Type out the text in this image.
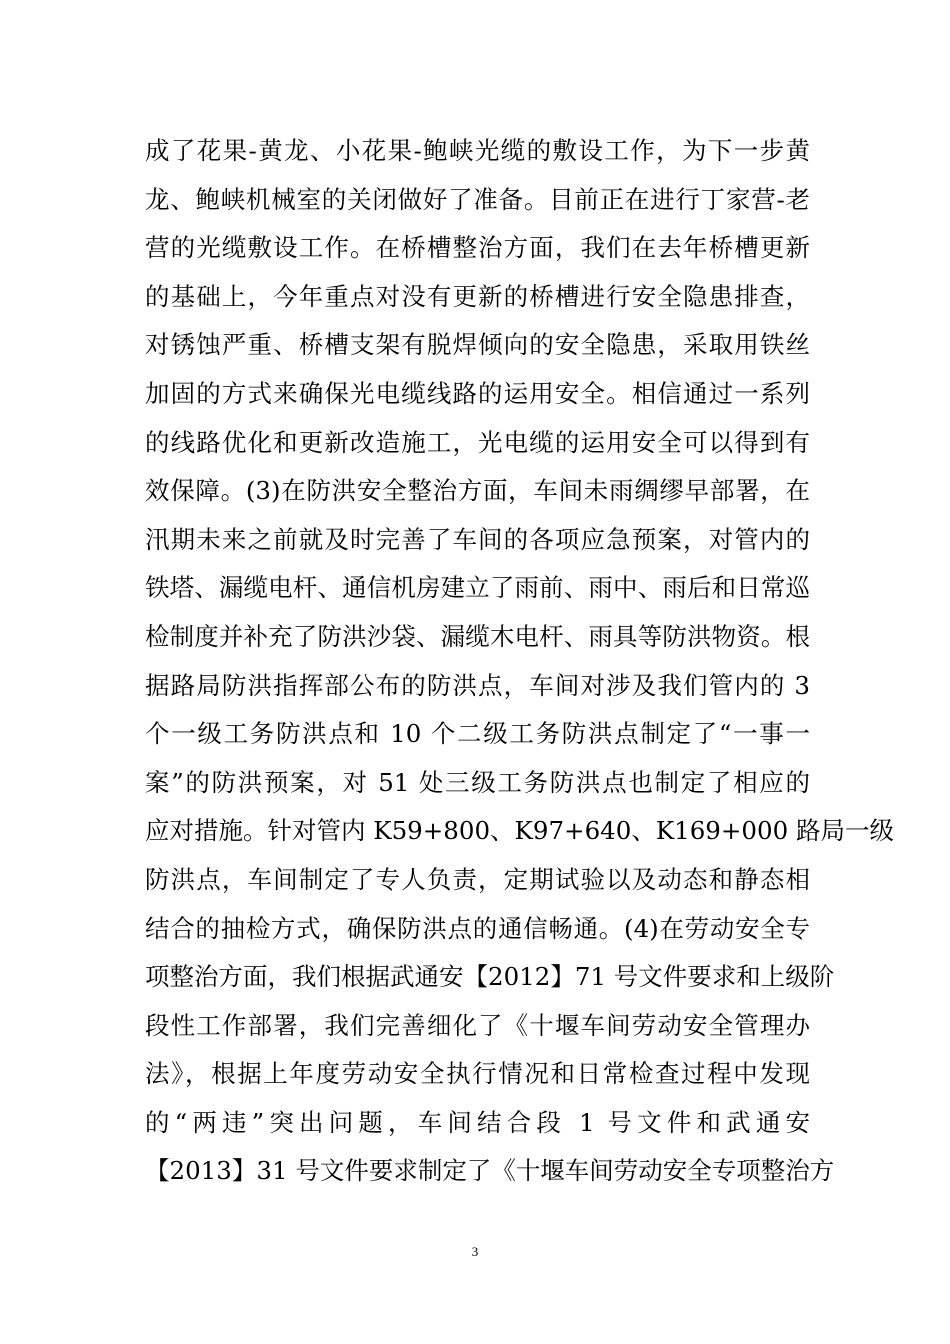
成了花果-黄龙、小花果-鲍峡光缆的敷设工作，为下一步黄
龙、鲍峡机械室的关闭做好了准备。目前正在进行丁家营-老
营的光缆敷设工作。在桥槽整治方面，我们在去年桥槽更新
的基础上，今年重点对没有更新的桥槽进行安全隐患排查，
对锈蚀严重、桥槽支架有脱焊倾向的安全隐患，采取用铁丝
加固的方式来确保光电缆线路的运用安全。相信通过一系列
的线路优化和更新改造施工，光电缆的运用安全可以得到有
效保障。(3)在防洪安全整治方面，车间未雨绸缪早部署，在
汛期未来之前就及时完善了车间的各项应急预案，对管内的
铁塔、漏缆电杆、通信机房建立了雨前、雨中、雨后和日常巡
检制度并补充了防洪沙袋、漏缆木电杆、雨具等防洪物资。根
据路局防洪指挥部公布的防洪点，车间对涉及我们管内的 3
个一级工务防洪点和 10 个二级工务防洪点制定了“一事一
案”的防洪预案，对 51 处三级工务防洪点也制定了相应的
应对措施。针对管内 K59+800、K97+640、K169+000 路局一级
防洪点，车间制定了专人负责，定期试验以及动态和静态相
结合的抽检方式，确保防洪点的通信畅通。(4)在劳动安全专
项整治方面，我们根据武通安【2012】71 号文件要求和上级阶
段性工作部署，我们完善细化了《十堰车间劳动安全管理办
法》，根据上年度劳动安全执行情况和日常检查过程中发现
的“两违”突出问题，车间结合段 1 号文件和武通安
【2013】31 号文件要求制定了《十堰车间劳动安全专项整治方
3
